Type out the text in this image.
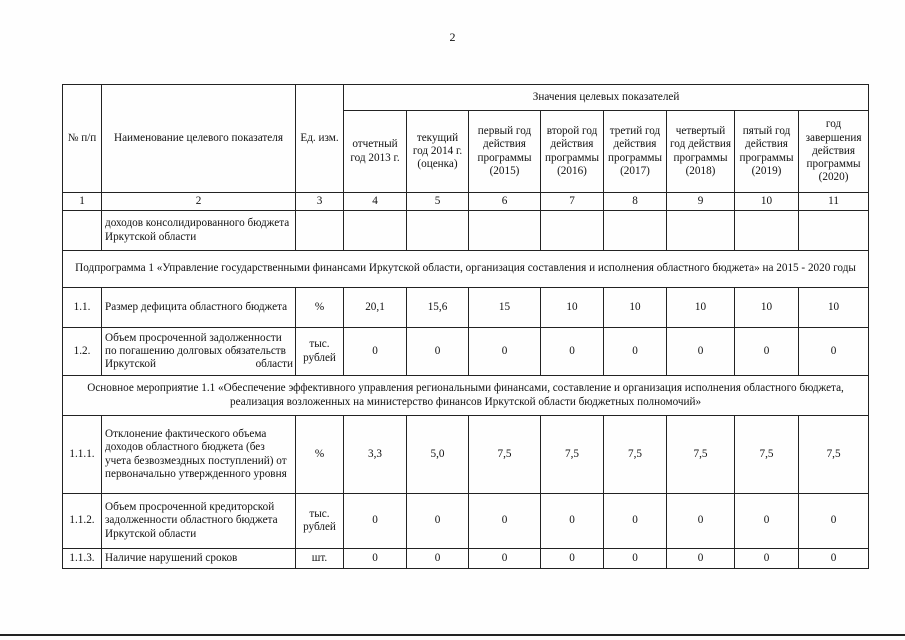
2
№ п/п	Наименование целевого показателя	Ед. изм.	Значения целевых показателей							
			отчетный год 2013 г.	текущий год 2014 г. (оценка)	первый год действия программы (2015)	второй год действия программы (2016)	третий год действия программы (2017)	четвертый год действия программы (2018)	пятый год действия программы (2019)	год завершения действия программы (2020)
1	2	3	4	5	6	7	8	9	10	11
	доходов консолидированного бюджета Иркутской области									
Подпрограмма 1 «Управление государственными финансами Иркутской области, организация составления и исполнения областного бюджета» на 2015 - 2020 годы										
1.1.	Размер дефицита областного бюджета	%	20,1	15,6	15	10	10	10	10	10
1.2.	Объем просроченной задолженности по погашению долговых обязательств Иркутской области	тыс. рублей	0	0	0	0	0	0	0	0
Основное мероприятие 1.1 «Обеспечение эффективного управления региональными финансами, составление и организация исполнения областного бюджета, реализация возложенных на министерство финансов Иркутской области бюджетных полномочий»										
1.1.1.	Отклонение фактического объема доходов областного бюджета (без учета безвозмездных поступлений) от первоначально утвержденного уровня	%	3,3	5,0	7,5	7,5	7,5	7,5	7,5	7,5
1.1.2.	Объем просроченной кредиторской задолженности областного бюджета Иркутской области	тыс. рублей	0	0	0	0	0	0	0	0
1.1.3.	Наличие нарушений сроков	шт.	0	0	0	0	0	0	0	0
